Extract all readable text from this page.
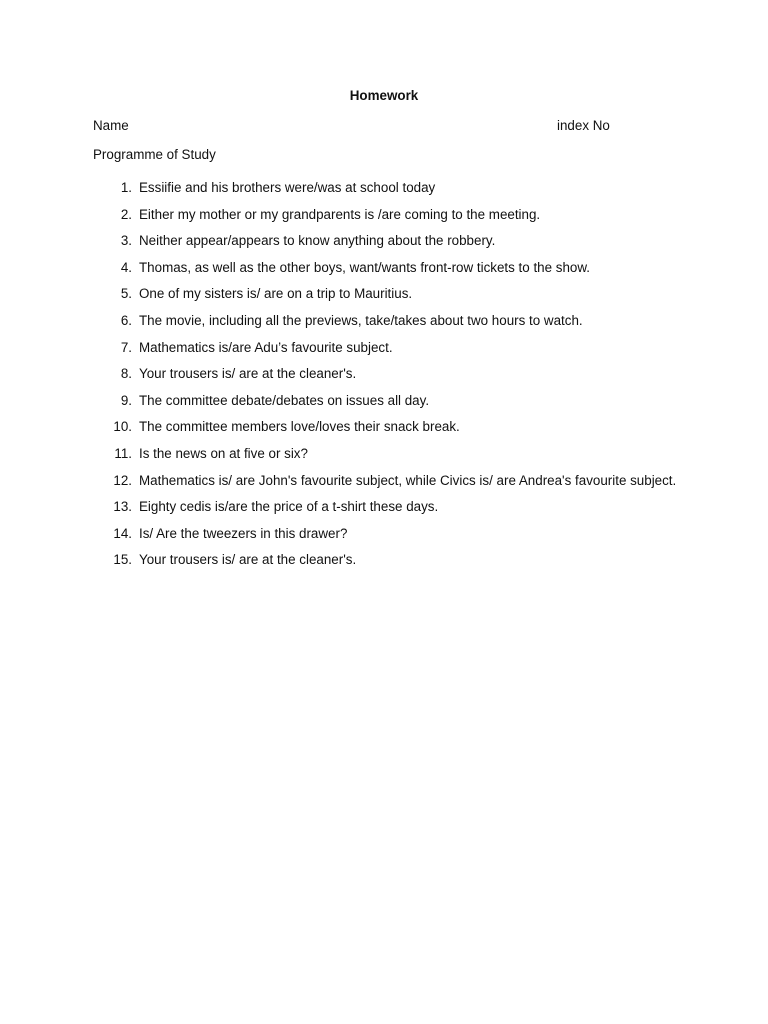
Homework
Name	index No
Programme of Study
1. Essiifie and his brothers were/was at school today
2. Either my mother or my grandparents is /are coming to the meeting.
3. Neither appear/appears to know anything about the robbery.
4. Thomas, as well as the other boys, want/wants front-row tickets to the show.
5. One of my sisters is/ are on a trip to Mauritius.
6. The movie, including all the previews, take/takes about two hours to watch.
7. Mathematics is/are Adu’s favourite subject.
8. Your trousers is/ are at the cleaner's.
9. The committee debate/debates on issues all day.
10. The committee members love/loves their snack break.
11. Is the news on at five or six?
12. Mathematics is/ are John's favourite subject, while Civics is/ are Andrea's favourite subject.
13. Eighty cedis is/are the price of a t-shirt these days.
14. Is/ Are the tweezers in this drawer?
15. Your trousers is/ are at the cleaner's.
